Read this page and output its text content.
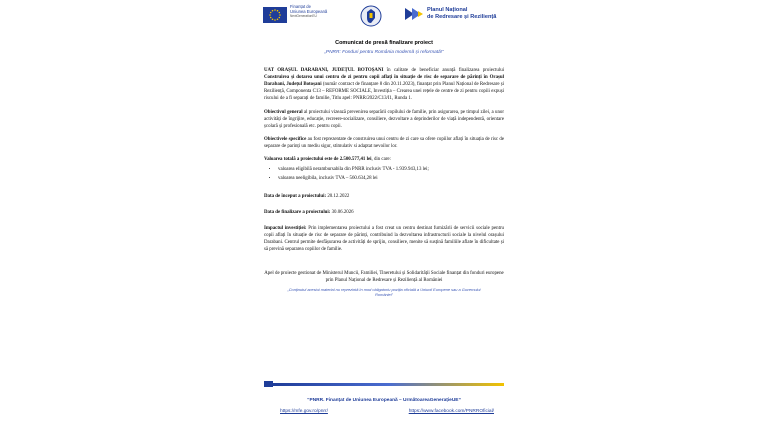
Finanțat de
Uniunea Europeană
NextGenerationEU
Planul Național
de Redresare și Reziliență

Comunicat de presă finalizare proiect

„PNRR: Fonduri pentru România modernă și reformată!”

UAT ORAȘUL DARABANI, JUDEȚUL BOTOȘANI în calitate de beneficiar anunță finalizarea proiectului Construirea și dotarea unui centru de zi pentru copii aflați în situație de risc de separare de părinți în Orașul Darabani, Județul Botoșani (număr contract de finanțare 8 din 20.11.2023), finanțat prin Planul Național de Redresare și Reziliență, Componenta C13 – REFORME SOCIALE, Investiția – Crearea unei rețele de centre de zi pentru copiii expuși riscului de a fi separați de familie, Titlu apel: PNRR/2022/C13/I1, Runda 1.

Obiectivul general al proiectului vizează prevenirea separării copilului de familie, prin asigurarea, pe timpul zilei, a unor activități de îngrijire, educație, recreere-socializare, consiliere, dezvoltare a deprinderilor de viață independentă, orientare școlară și profesională etc. pentru copii.

Obiectivele specifice au fost reprezentate de construirea unui centru de zi care sa ofere copiilor aflați în situația de risc de separare de parinți un mediu sigur, stimulativ si adaptat nevoilor lor.

Valoarea totală a proiectului este de 2.500.577,41 lei, din care:

• valoarea eligibilă nerambursabila din PNRR inclusiv TVA - 1.939.943,13 lei;
• valoarea neeligibila, inclusiv TVA – 560.634,28 lei

Data de început a proiectului: 20.12.2022

Data de finalizare a proiectului: 30.06.2026

Impactul investiției: Prin implementarea proiectului a fost creat un centru destinat furnizării de servicii sociale pentru copii aflați în situație de risc de separare de părinți, contribuind la dezvoltarea infrastructurii sociale la nivelul orașului Darabani. Centrul permite desfășurarea de activități de sprijin, consiliere, menite să susțină familiile aflate în dificultate și să prevină separarea copiilor de familie.

Apel de proiecte gestionat de Ministerul Muncii, Familiei, Tineretului și Solidarității Sociale finanțat din fonduri europene prin Planul Național de Redresare și Reziliență al României

„Conținutul acestui material nu reprezintă în mod obligatoriu poziția oficială a Uniunii Europene sau a Guvernului României”

“PNRR. Finanțat de Uniunea Europeană – UrmătoareaGenerațieUE”
https://mfe.gov.ro/pnrr/	https://www.facebook.com/PNRROficial/
